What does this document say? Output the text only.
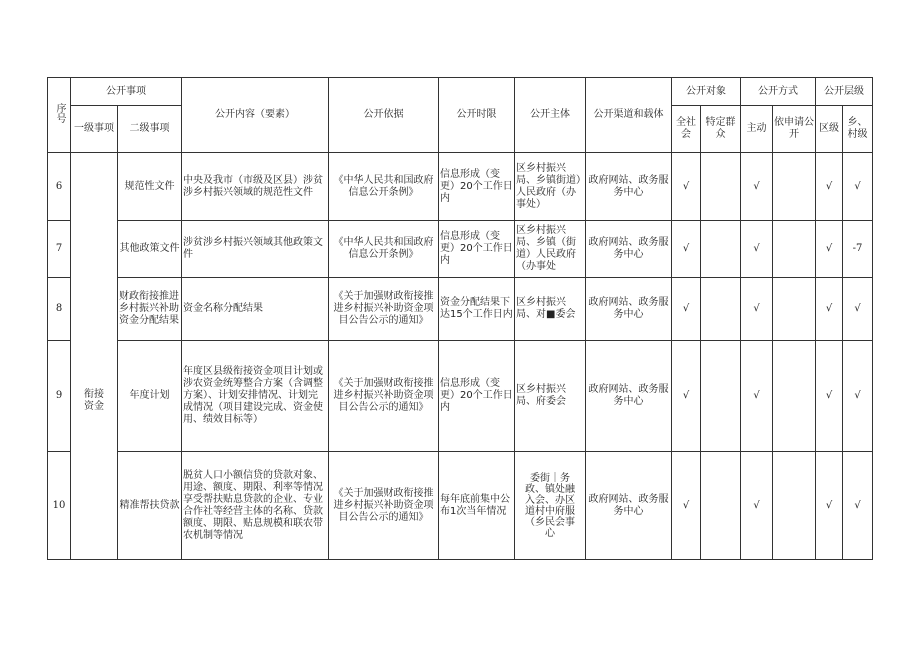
序号	公开事项		公开内容（要素）	公开依据	公开时限	公开主体	公开渠道和载体	公开对象		公开方式		公开层级	
	一级事项	二级事项						全社会	特定群众	主动	依申请公开	区级	乡、村级
6	衔接资金	规范性文件	中央及我市（市级及区县）涉贫涉乡村振兴领域的规范性文件	《中华人民共和国政府信息公开条例》	信息形成（变更）20个工作日内	区乡村振兴局、乡镇街道）人民政府（办事处）	政府网站、政务服务中心	√		√		√	√
7		其他政策文件	涉贫涉乡村振兴领域其他政策文件	《中华人民共和国政府信息公开条例》	信息形成（变更）20个工作日内	区乡村振兴局、乡镇（街道）人民政府（办事处	政府网站、政务服务中心	√		√		√	-7
8		财政衔接推进乡村振兴补助资金分配结果	资金名称分配结果	《关于加强财政衔接推进乡村振兴补助资金项目公告公示的通知》	资金分配结果下达15个工作日内	区乡村振兴局、对■委会	政府网站、政务服务中心	√		√		√	√
9		年度计划	年度区县级衔接资金项目计划或涉农资金统筹整合方案（含调整方案）、计划安排情况、计划完成情况（项目建设完成、资金使用、绩效目标等）	《关于加强财政衔接推进乡村振兴补助资金项目公告公示的通知》	信息形成（变更）20个工作日内	区乡村振兴局、府委会	政府网站、政务服务中心	√		√		√	√
10		精准帮扶贷款	脱贫人口小额信贷的贷款对象、用途、额度、期限、利率等情况享受帮扶贴息贷款的企业、专业合作社等经营主体的名称、贷款额度、期限、贴息规模和联农带农机制等情况	《关于加强财政衔接推进乡村振兴补助资金项目公告公示的通知》	每年底前集中公布1次当年情况	委街｜务政、镇处融入会、办区道村中府服（乡民会事心	政府网站、政务服务中心	√		√		√	√
